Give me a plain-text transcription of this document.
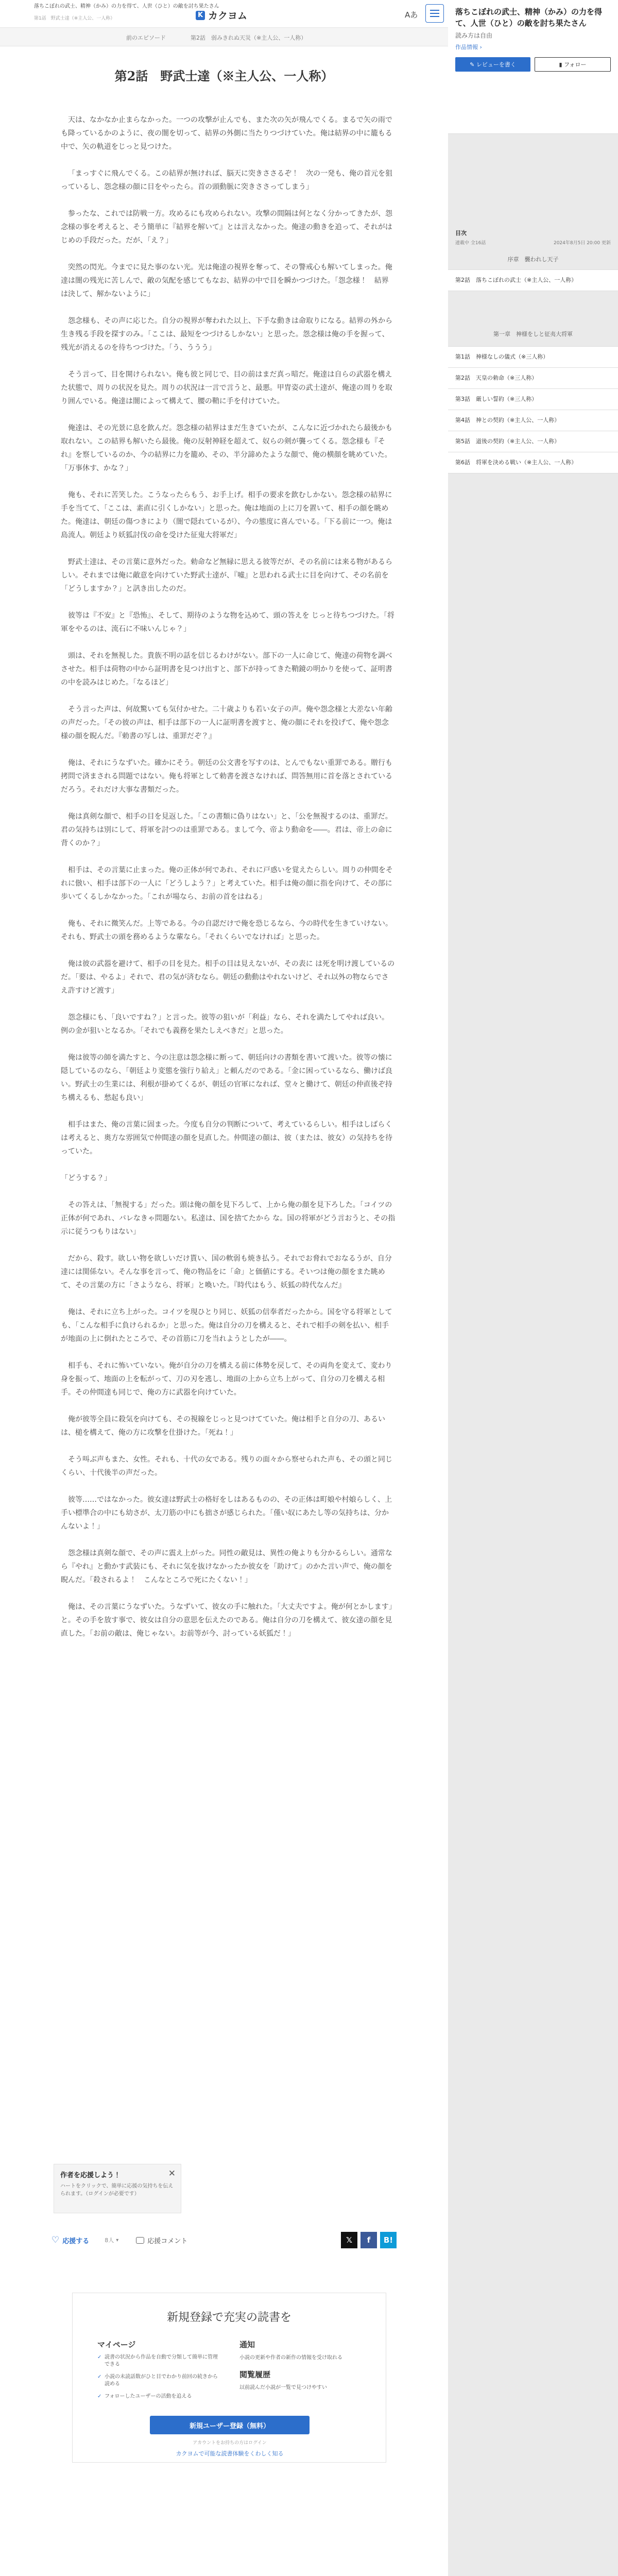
落ちこぼれの武士、精神（かみ）の力を得て、人世（ひと）の敵を討ち果たさん
第1話　野武士達（※主人公、一人称）	K カクヨム	Aあ
前のエピソード	第2話　弱みきれぬ天災（※主人公、一人称）
第2話　野武士達（※主人公、一人称）

天は、なかなか止まらなかった。一つの攻撃が止んでも、また次の矢が飛んでくる。まるで矢の雨でも降っているかのように、夜の闇を切って、結界の外側に当たりつづけていた。俺は結界の中に籠もる中で、矢の軌道をじっと見つけた。

「まっすぐに飛んでくる。この結界が無ければ、脳天に突きささるぞ！　次の一発も、俺の首元を狙っているし、怨念様の顔に目をやったら。首の頭動脈に突きささってしまう」

参ったな、これでは防戦一方。攻めるにも攻められない。攻撃の間隔は何となく分かってきたが、怨念様の事を考えると、そう簡単に『結界を解いて』とは言えなかった。俺達の動きを追って、それがはじめの手段だった。だが、「え？」

突然の閃光。今までに見た事のない光。光は俺達の視界を奪って、その警戒心も解いてしまった。俺達は闇の残光に苦しんで、敵の気配を感じてもなお、結界の中で目を瞬かつづけた。「怨念様！　結界は決して、解かないように」

怨念様も、その声に応じた。自分の視界が奪われた以上、下手な動きは命取りになる。結界の外から生き残る手段を探すのみ。「ここは、最短をつづけるしかない」と思った。怨念様は俺の手を握って、残光が消えるのを待ちつづけた。「う、ううう」

そう言って、目を開けられない。俺も彼と同じで、目の前はまだ真っ暗だ。俺達は自らの武器を構えた状態で、周りの状況を見た。周りの状況は一言で言うと、最悪。甲冑姿の武士達が、俺達の周りを取り囲んでいる。俺達は闇によって構えて、腰の鞘に手を付けていた。

俺達は、その光景に息を飲んだ。怨念様の結界はまだ生きていたが、こんなに近づかれたら最後かも取れない。この結界も解いたら最後。俺の反射神経を超えて、奴らの剣が襲ってくる。怨念様も『それ』を察しているのか、今の結界に力を籠め、その、半分諦めたような顔で、俺の横顔を眺めていた。「万事休す、かな？」

俺も、それに苦笑した。こうなったらもう、お手上げ。相手の要求を飲むしかない。怨念様の結界に手を当てて、「ここは、素直に引くしかない」と思った。俺は地面の上に刀を置いて、相手の顔を眺めた。俺達は、朝廷の傷つきにより（闇で隠れているが）、今の態度に喜んでいる。「下る前に一つ。俺は島流人。朝廷より妖狐討伐の命を受けた征鬼大将軍だ」

野武士達は、その言葉に意外だった。勅命など無縁に思える彼等だが、その名前には来る物があるらしい。それまでは俺に敵意を向けていた野武士達が、『嘘』と思われる武士に目を向けて、その名前を「どうしますか？」と訊き出したのだ。

彼等は『不安』と『恐怖』、そして、期待のような物を込めて、頭の答えを じっと待ちつづけた。「将軍をやるのは、流石に不味いんじゃ？」

頭は、それを無視した。貴族不明の話を信じるわけがない。部下の一人に命じて、俺達の荷物を調べさせた。相手は荷物の中から証明書を見つけ出すと、部下が持ってきた鞘鏡の明かりを使って、証明書の中を読みはじめた。「なるほど」

そう言った声は、何故驚いても気付かせた。二十歳よりも若い女子の声。俺や怨念様と大差ない年齢の声だった。「その彼の声は、相手は部下の一人に証明書を渡すと、俺の顔にそれを投げて、俺や怨念様の顔を睨んだ。『勅書の写しは、重罪だぞ？』

俺は、それにうなずいた。確かにそう。朝廷の公文書を写すのは、とんでもない重罪である。贈行も拷問で済まされる問題ではない。俺も将軍として勅書を渡さなければ、問答無用に首を落とされているだろう。それだけ大事な書類だった。

俺は真剣な顔で、相手の目を見返した。「この書類に偽りはない」と、「公を無視するのは、重罪だ。君の気持ちは別にして、将軍を討つのは重罪である。まして今、帝より動命を――。君は、帝上の命に背くのか？」

相手は、その言葉に止まった。俺の正体が何であれ、それに戸惑いを覚えたらしい。周りの仲間をそれに倣い、相手は部下の一人に「どうしよう？」と考えていた。相手は俺の顔に指を向けて、その部に歩いてくるしかなかった。「これが場なら、お前の首をはねる」

俺も、それに微笑んだ。上等である。今の自認だけで俺を恐じるなら、今の時代を生きていけない。それも、野武士の頭を務めるような輩なら。「それくらいでなければ」と思った。

俺は彼の武器を避けて、相手の目を見た。相手の目は見えないが、その表に は死を明け渡しているのだ。「要は、やるよ」それで、君の気が済むなら。朝廷の動動はやれないけど、それ以外の物ならでさえ許すけど渡す」

怨念様にも、「良いですね？」と言った。彼等の狙いが「利益」なら、それを満たしてやれば良い。例の金が狙いとなるか。「それでも義務を果たしえべきだ」と思った。

俺は彼等の師を満たすと、今の注意は怨念様に断って、朝廷向けの書類を書いて渡いた。彼等の懐に隠しているのなら、「朝廷より変態を強行り給え」と頼んだのである。「金に困っているなら、働けば良い。野武士の生業には、利根が掛めてくるが、朝廷の官軍になれば、堂々と働けて、朝廷の仲直後ぞ持ち構えるも、愁起も良い」

相手はまた、俺の言葉に固まった。今度も自分の判断について、考えているらしい。相手はしばらくは考えると、奥方な雰囲気で仲間達の顔を見直した。仲間達の顔は、彼（または、彼女）の気持ちを待っていた。

「どうする？」

その答えは、「無視する」だった。頭は俺の顔を見下ろして、上から俺の顔を見下ろした。「コイツの正体が何であれ、バレなきゃ問題ない。私達は、国を捨てたから な。国の将軍がどう言おうと、その指示に従うつもりはない」

だから、殺す。欲しい物を欲しいだけ貰い、国の軟弱も焼き払う。それでお脅れでおなるうが、自分達には関係ない。そんな事を言って、俺の物品をに「命」と価値にする。そいつは俺の顔をまた眺めて、その言葉の方に「さようなら、将軍」と喚いた。『時代はもう、妖狐の時代なんだ』

俺は、それに立ち上がった。コイツを現ひとり同じ、妖狐の信奉者だったから。国を守る将軍としても、「こんな相手に負けられるか」と思った。俺は自分の刀を構えると、それで相手の剣を払い、相手が地面の上に倒れたところで、その首筋に刀を当れようとしたが――。

相手も、それに怖いていない。俺が自分の刀を構える前に体勢を戻して、その両角を変えて、変わり身を振って、地面の上を転がって、刀の刃を逃し、地面の上から立ち上がって、自分の刀を構える相手。その仲間達も同じで、俺の方に武器を向けていた。

俺が彼等全員に殺気を向けても、その視線をじっと見つけてていた。俺は相手と自分の刀、あるいは、槌を構えて、俺の方に攻撃を仕掛けた。「死ね！」

そう叫ぶ声もまた、女性。それも、十代の女である。残りの面々から察せられた声も、その頭と同じくらい、十代後半の声だった。

彼等……ではなかった。彼女達は野武士の格好をしはあるものの、その正体は町娘や村娘らしく、上手い標準合の中にも幼さが、太刀筋の中にも拙さが感じられた。「僅い奴にあたし等の気持ちは、分かんないよ！」

怨念様は真剣な顔で、その声に震え上がった。同性の敵見は、異性の俺よりも分かるらしい。通常なら『やれ』と動かす武装にも、それに気を抜けなかったか彼女を「助けて」のかた言い声で、俺の顔を睨んだ。「殺されるよ！　こんなところで死にたくない！」

俺は、その言葉にうなずいた。うなずいて、彼女の手に触れた。「大丈夫ですよ。俺が何とかします」と。その手を放す事で、彼女は自分の意思を伝えたのである。俺は自分の刀を構えて、彼女達の顔を見直した。「お前の敵は、俺じゃない。お前等が今、討っている妖狐だ！」

作者を応援しよう！

ハートをクリックで、簡単に応援の気持ちを伝えられます。（ログインが必要です）

✕
♡ 応援する	8人 ▾	応援コメント	𝕏	f	B!
新規登録で充実の読書を
マイページ
✓ 読書の状況から作品を自動で分類して簡単に管理できる
✓ 小説の未読話数がひと目でわかり前回の続きから読める
✓ フォローしたユーザーの活動を追える
通知

小説の更新や作者の新作の情報を受け取れる

閲覧履歴

以前読んだ小説が一覧で見つけやすい

新規ユーザー登録（無料）
アカウントをお持ちの方はログイン
カクヨムで可能な読書体験をくわしく知る
落ちこぼれの武士、精神（かみ）の力を得て、人世（ひと）の敵を討ち果たさん
読み方は自由
作品情報 ›
✎
レビューを書く	▮
フォロー
目次
連載中 全16話	2024年8月5日 20:00 更新
序章　襲われし天子
第2話　落ちこぼれの武士（※主人公、一人称）
第一章　神様をしと征夷大将軍
第1話　神様なしの儀式（※三人称）
第2話　天皇の勅命（※三人称）
第3話　厳しい誓約（※三人称）
第4話　神との契約（※主人公、一人称）
第5話　道後の契約（※主人公、一人称）
第6話　将軍を決める戦い（※主人公、一人称）
